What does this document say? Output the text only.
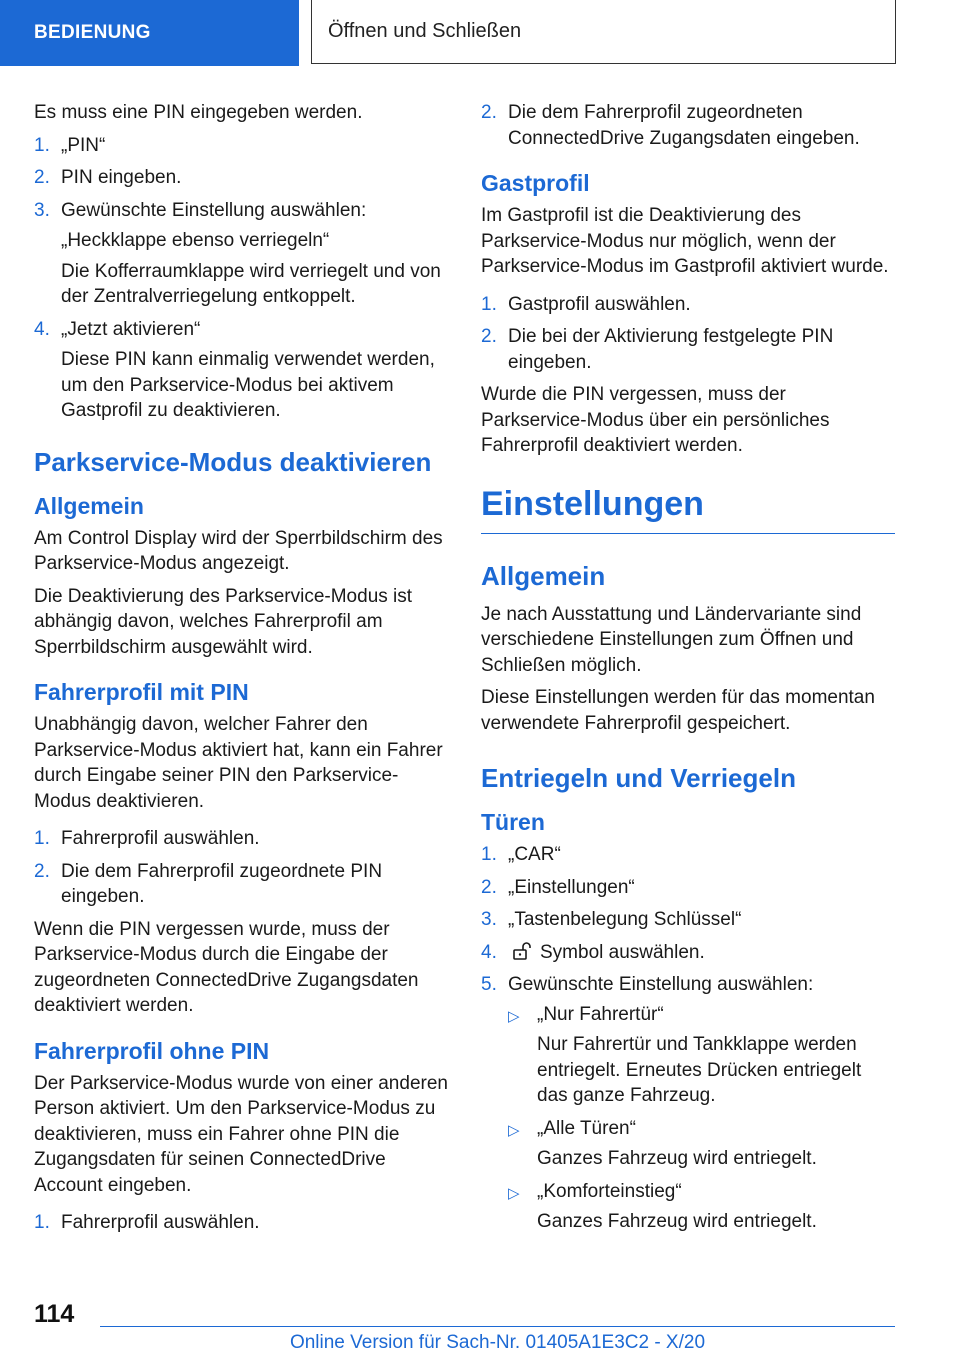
BEDIENUNG	Öffnen und Schließen

Es muss eine PIN eingegeben werden.

1. „PIN“
2. PIN eingeben.
3. Gewünschte Einstellung auswählen:
„Heckklappe ebenso verriegeln“
Die Kofferraumklappe wird verriegelt und von der Zentralverriegelung entkoppelt.
4. „Jetzt aktivieren“
Diese PIN kann einmalig verwendet werden, um den Parkservice-Modus bei aktivem Gastprofil zu deaktivieren.
Parkservice-Modus deaktivieren
Allgemein

Am Control Display wird der Sperrbildschirm des Parkservice-Modus angezeigt.

Die Deaktivierung des Parkservice-Modus ist abhängig davon, welches Fahrerprofil am Sperrbildschirm ausgewählt wird.

Fahrerprofil mit PIN

Unabhängig davon, welcher Fahrer den Parkservice-Modus aktiviert hat, kann ein Fahrer durch Eingabe seiner PIN den Parkservice-Modus deaktivieren.

1. Fahrerprofil auswählen.
2. Die dem Fahrerprofil zugeordnete PIN eingeben.

Wenn die PIN vergessen wurde, muss der Parkservice-Modus durch die Eingabe der zugeordneten ConnectedDrive Zugangsdaten deaktiviert werden.

Fahrerprofil ohne PIN

Der Parkservice-Modus wurde von einer anderen Person aktiviert. Um den Parkservice-Modus zu deaktivieren, muss ein Fahrer ohne PIN die Zugangsdaten für seinen ConnectedDrive Account eingeben.

1. Fahrerprofil auswählen.
2. Die dem Fahrerprofil zugeordneten ConnectedDrive Zugangsdaten eingeben.
Gastprofil

Im Gastprofil ist die Deaktivierung des Parkservice-Modus nur möglich, wenn der Parkservice-Modus im Gastprofil aktiviert wurde.

1. Gastprofil auswählen.
2. Die bei der Aktivierung festgelegte PIN eingeben.

Wurde die PIN vergessen, muss der Parkservice-Modus über ein persönliches Fahrerprofil deaktiviert werden.

Einstellungen
Allgemein

Je nach Ausstattung und Ländervariante sind verschiedene Einstellungen zum Öffnen und Schließen möglich.

Diese Einstellungen werden für das momentan verwendete Fahrerprofil gespeichert.

Entriegeln und Verriegeln
Türen
1. „CAR“
2. „Einstellungen“
3. „Tastenbelegung Schlüssel“
4.	Symbol auswählen.
5. Gewünschte Einstellung auswählen:
▷ „Nur Fahrertür“
Nur Fahrertür und Tankklappe werden entriegelt. Erneutes Drücken entriegelt das ganze Fahrzeug.
▷ „Alle Türen“
Ganzes Fahrzeug wird entriegelt.
▷ „Komforteinstieg“
Ganzes Fahrzeug wird entriegelt.
114
Online Version für Sach-Nr. 01405A1E3C2 - X/20
